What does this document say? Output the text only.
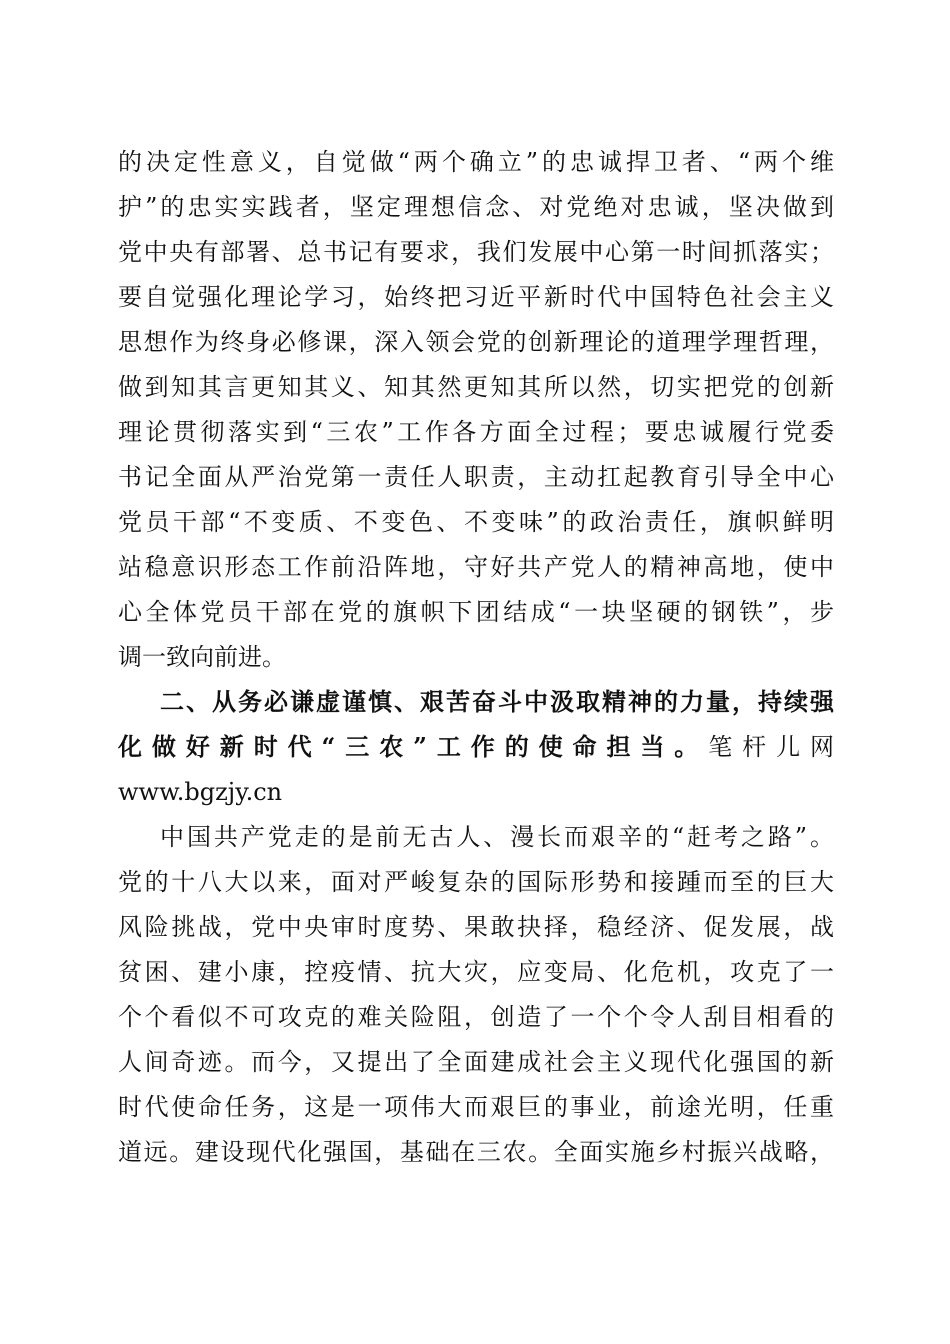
的决定性意义，自觉做“两个确立”的忠诚捍卫者、“两个维
护”的忠实实践者，坚定理想信念、对党绝对忠诚，坚决做到
党中央有部署、总书记有要求，我们发展中心第一时间抓落实；
要自觉强化理论学习，始终把习近平新时代中国特色社会主义
思想作为终身必修课，深入领会党的创新理论的道理学理哲理，
做到知其言更知其义、知其然更知其所以然，切实把党的创新
理论贯彻落实到“三农”工作各方面全过程；要忠诚履行党委
书记全面从严治党第一责任人职责，主动扛起教育引导全中心
党员干部“不变质、不变色、不变味”的政治责任，旗帜鲜明
站稳意识形态工作前沿阵地，守好共产党人的精神高地，使中
心全体党员干部在党的旗帜下团结成“一块坚硬的钢铁”，步
调一致向前进。
二、从务必谦虚谨慎、艰苦奋斗中汲取精神的力量，持续强
化做好新时代“三农”工作的使命担当。笔杆儿网
www.bgzjy.cn
中国共产党走的是前无古人、漫长而艰辛的“赶考之路”。
党的十八大以来，面对严峻复杂的国际形势和接踵而至的巨大
风险挑战，党中央审时度势、果敢抉择，稳经济、促发展，战
贫困、建小康，控疫情、抗大灾，应变局、化危机，攻克了一
个个看似不可攻克的难关险阻，创造了一个个令人刮目相看的
人间奇迹。而今，又提出了全面建成社会主义现代化强国的新
时代使命任务，这是一项伟大而艰巨的事业，前途光明，任重
道远。建设现代化强国，基础在三农。全面实施乡村振兴战略，
